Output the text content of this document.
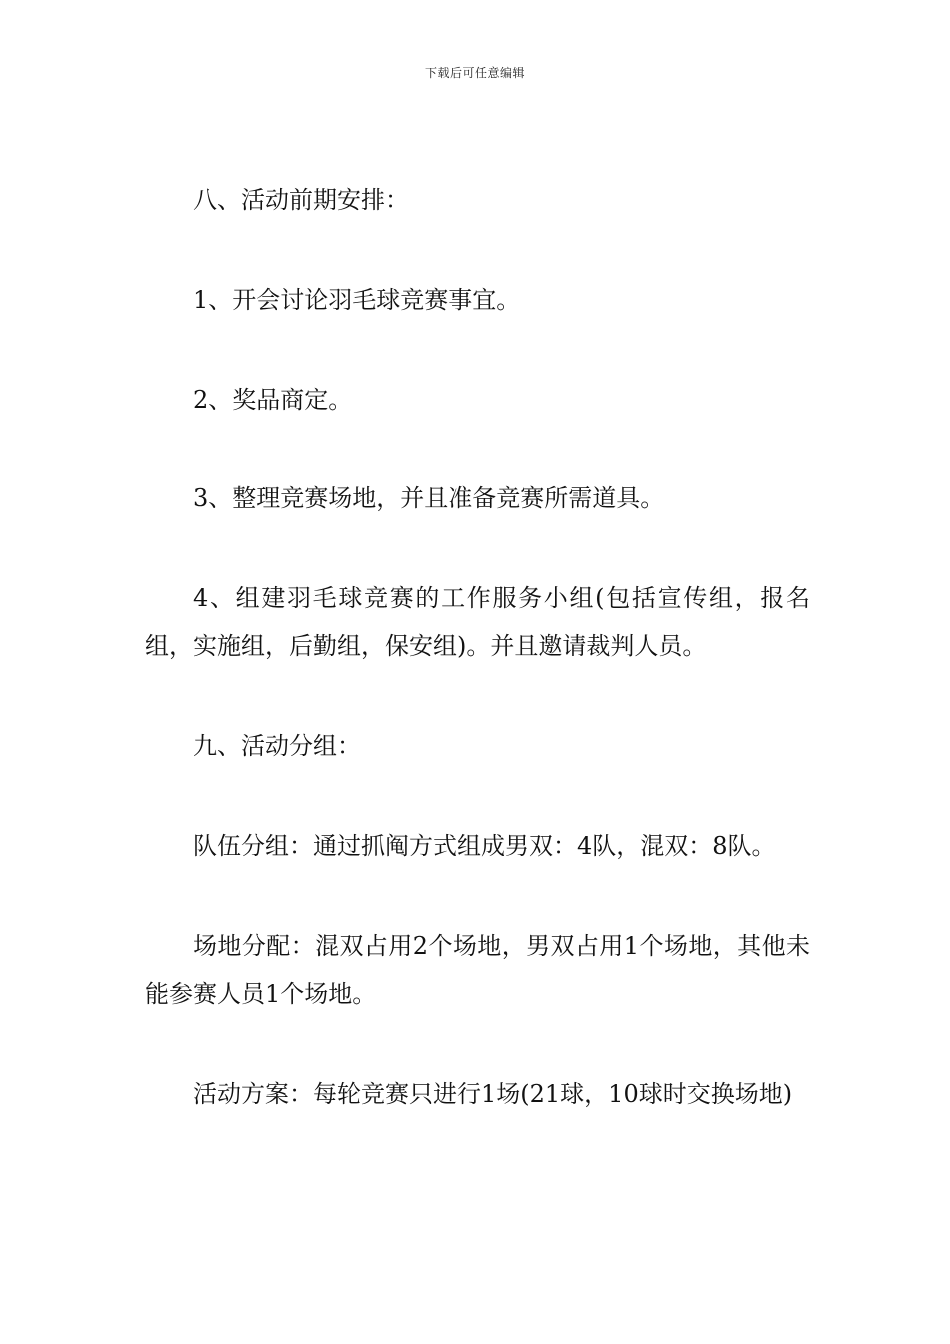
下载后可任意编辑

八、活动前期安排：

1、开会讨论羽毛球竞赛事宜。

2、奖品商定。

3、整理竞赛场地，并且准备竞赛所需道具。

4、组建羽毛球竞赛的工作服务小组(包括宣传组，报名组，实施组，后勤组，保安组)。并且邀请裁判人员。

九、活动分组：

队伍分组：通过抓阄方式组成男双：4队，混双：8队。

场地分配：混双占用2个场地，男双占用1个场地，其他未能参赛人员1个场地。

活动方案：每轮竞赛只进行1场(21球，10球时交换场地)
